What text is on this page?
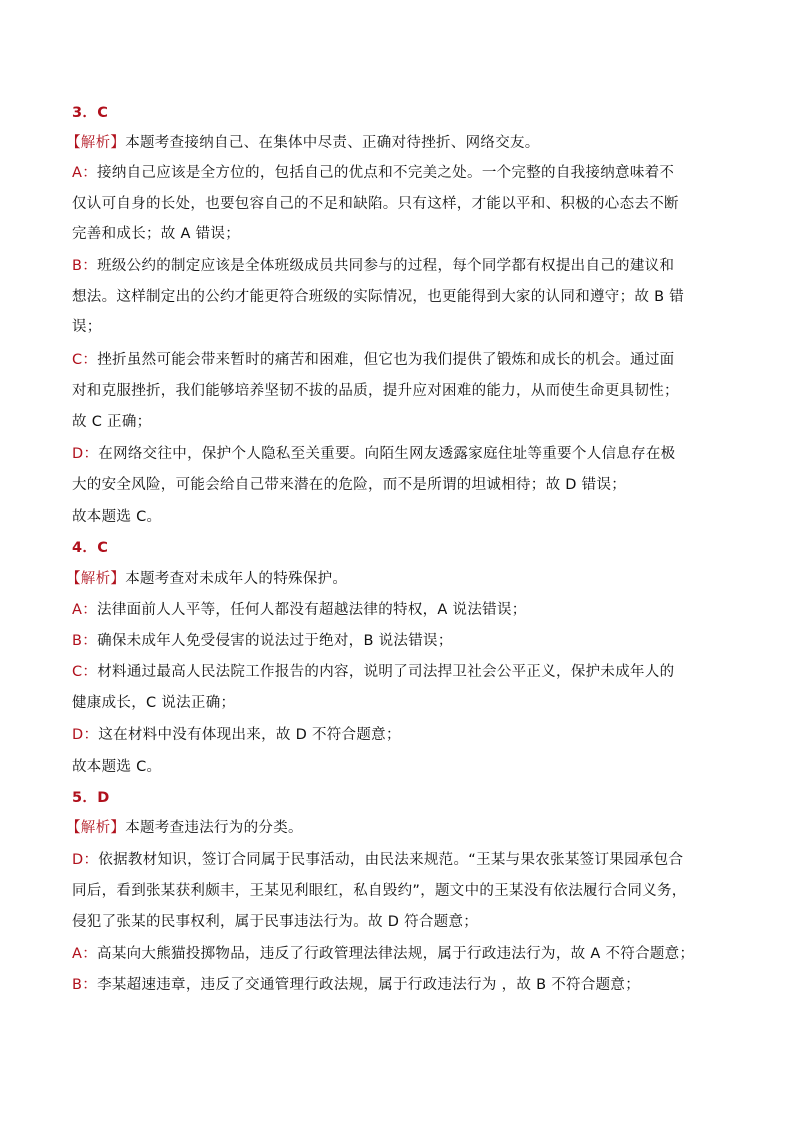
3．C
【解析】本题考查接纳自己、在集体中尽责、正确对待挫折、网络交友。
A：接纳自己应该是全方位的，包括自己的优点和不完美之处。一个完整的自我接纳意味着不
仅认可自身的长处，也要包容自己的不足和缺陷。只有这样，才能以平和、积极的心态去不断
完善和成长；故 A 错误；
B：班级公约的制定应该是全体班级成员共同参与的过程，每个同学都有权提出自己的建议和
想法。这样制定出的公约才能更符合班级的实际情况，也更能得到大家的认同和遵守；故 B 错
误；
C：挫折虽然可能会带来暂时的痛苦和困难，但它也为我们提供了锻炼和成长的机会。通过面
对和克服挫折，我们能够培养坚韧不拔的品质，提升应对困难的能力，从而使生命更具韧性；
故 C 正确；
D：在网络交往中，保护个人隐私至关重要。向陌生网友透露家庭住址等重要个人信息存在极
大的安全风险，可能会给自己带来潜在的危险，而不是所谓的坦诚相待；故 D 错误；
故本题选 C。
4．C
【解析】本题考查对未成年人的特殊保护。
A：法律面前人人平等，任何人都没有超越法律的特权，A 说法错误；
B：确保未成年人免受侵害的说法过于绝对，B 说法错误；
C：材料通过最高人民法院工作报告的内容，说明了司法捍卫社会公平正义，保护未成年人的
健康成长，C 说法正确；
D：这在材料中没有体现出来，故 D 不符合题意；
故本题选 C。
5．D
【解析】本题考查违法行为的分类。
D：依据教材知识，签订合同属于民事活动，由民法来规范。“王某与果农张某签订果园承包合
同后，看到张某获利颇丰，王某见利眼红，私自毁约”，题文中的王某没有依法履行合同义务，
侵犯了张某的民事权利，属于民事违法行为。故 D 符合题意；
A：高某向大熊猫投掷物品，违反了行政管理法律法规，属于行政违法行为，故 A 不符合题意；
B：李某超速违章，违反了交通管理行政法规，属于行政违法行为 ，故 B 不符合题意；
